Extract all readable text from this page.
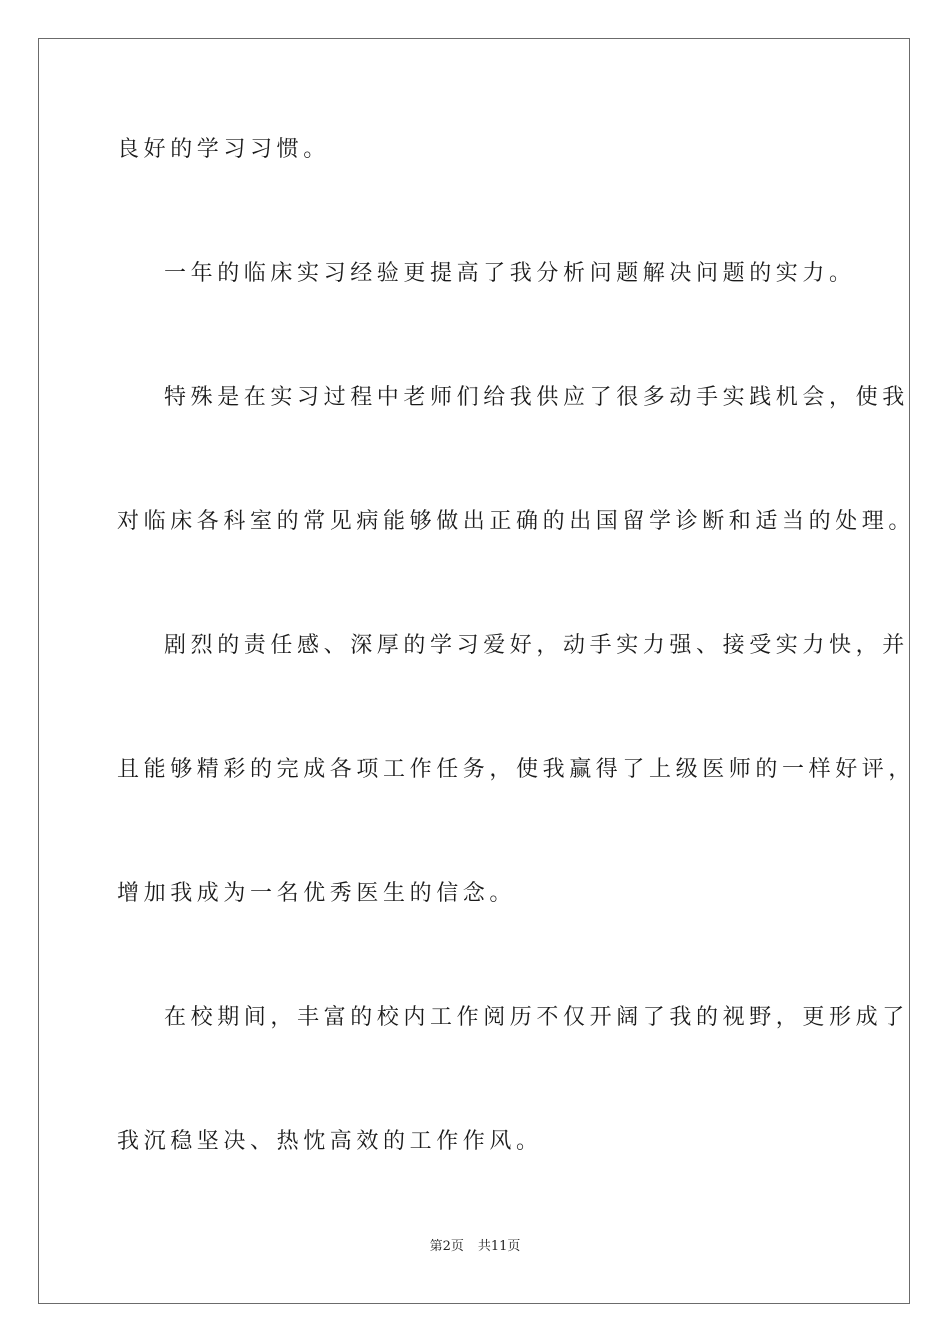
良好的学习习惯。
一年的临床实习经验更提高了我分析问题解决问题的实力。
特殊是在实习过程中老师们给我供应了很多动手实践机会，使我
对临床各科室的常见病能够做出正确的出国留学诊断和适当的处理。
剧烈的责任感、深厚的学习爱好，动手实力强、接受实力快，并
且能够精彩的完成各项工作任务，使我赢得了上级医师的一样好评，
增加我成为一名优秀医生的信念。
在校期间，丰富的校内工作阅历不仅开阔了我的视野，更形成了
我沉稳坚决、热忱高效的工作作风。
第2页 共11页
